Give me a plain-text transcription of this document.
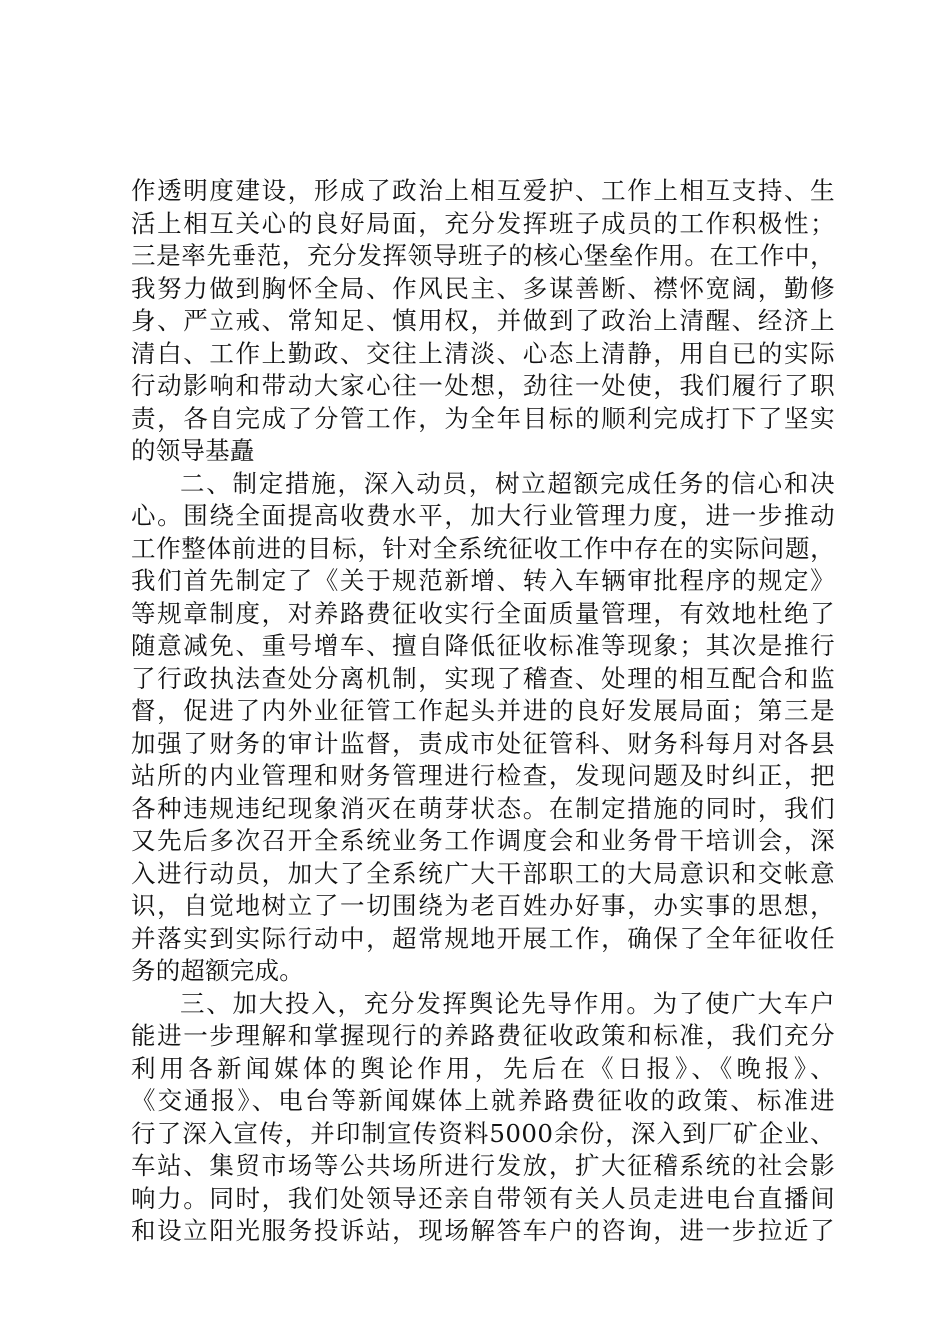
作透明度建设，形成了政治上相互爱护、工作上相互支持、生
活上相互关心的良好局面，充分发挥班子成员的工作积极性；
三是率先垂范，充分发挥领导班子的核心堡垒作用。在工作中，
我努力做到胸怀全局、作风民主、多谋善断、襟怀宽阔，勤修
身、严立戒、常知足、慎用权，并做到了政治上清醒、经济上
清白、工作上勤政、交往上清淡、心态上清静，用自已的实际
行动影响和带动大家心往一处想，劲往一处使，我们履行了职
责，各自完成了分管工作，为全年目标的顺利完成打下了坚实
的领导基矗
二、制定措施，深入动员，树立超额完成任务的信心和决
心。围绕全面提高收费水平，加大行业管理力度，进一步推动
工作整体前进的目标，针对全系统征收工作中存在的实际问题，
我们首先制定了《关于规范新增、转入车辆审批程序的规定》
等规章制度，对养路费征收实行全面质量管理，有效地杜绝了
随意减免、重号增车、擅自降低征收标准等现象；其次是推行
了行政执法查处分离机制，实现了稽查、处理的相互配合和监
督，促进了内外业征管工作起头并进的良好发展局面；第三是
加强了财务的审计监督，责成市处征管科、财务科每月对各县
站所的内业管理和财务管理进行检查，发现问题及时纠正，把
各种违规违纪现象消灭在萌芽状态。在制定措施的同时，我们
又先后多次召开全系统业务工作调度会和业务骨干培训会，深
入进行动员，加大了全系统广大干部职工的大局意识和交帐意
识，自觉地树立了一切围绕为老百姓办好事，办实事的思想，
并落实到实际行动中，超常规地开展工作，确保了全年征收任
务的超额完成。
三、加大投入，充分发挥舆论先导作用。为了使广大车户
能进一步理解和掌握现行的养路费征收政策和标准，我们充分
利用各新闻媒体的舆论作用，先后在《日报》、《晚报》、
《交通报》、电台等新闻媒体上就养路费征收的政策、标准进
行了深入宣传，并印制宣传资料5000余份，深入到厂矿企业、
车站、集贸市场等公共场所进行发放，扩大征稽系统的社会影
响力。同时，我们处领导还亲自带领有关人员走进电台直播间
和设立阳光服务投诉站，现场解答车户的咨询，进一步拉近了
